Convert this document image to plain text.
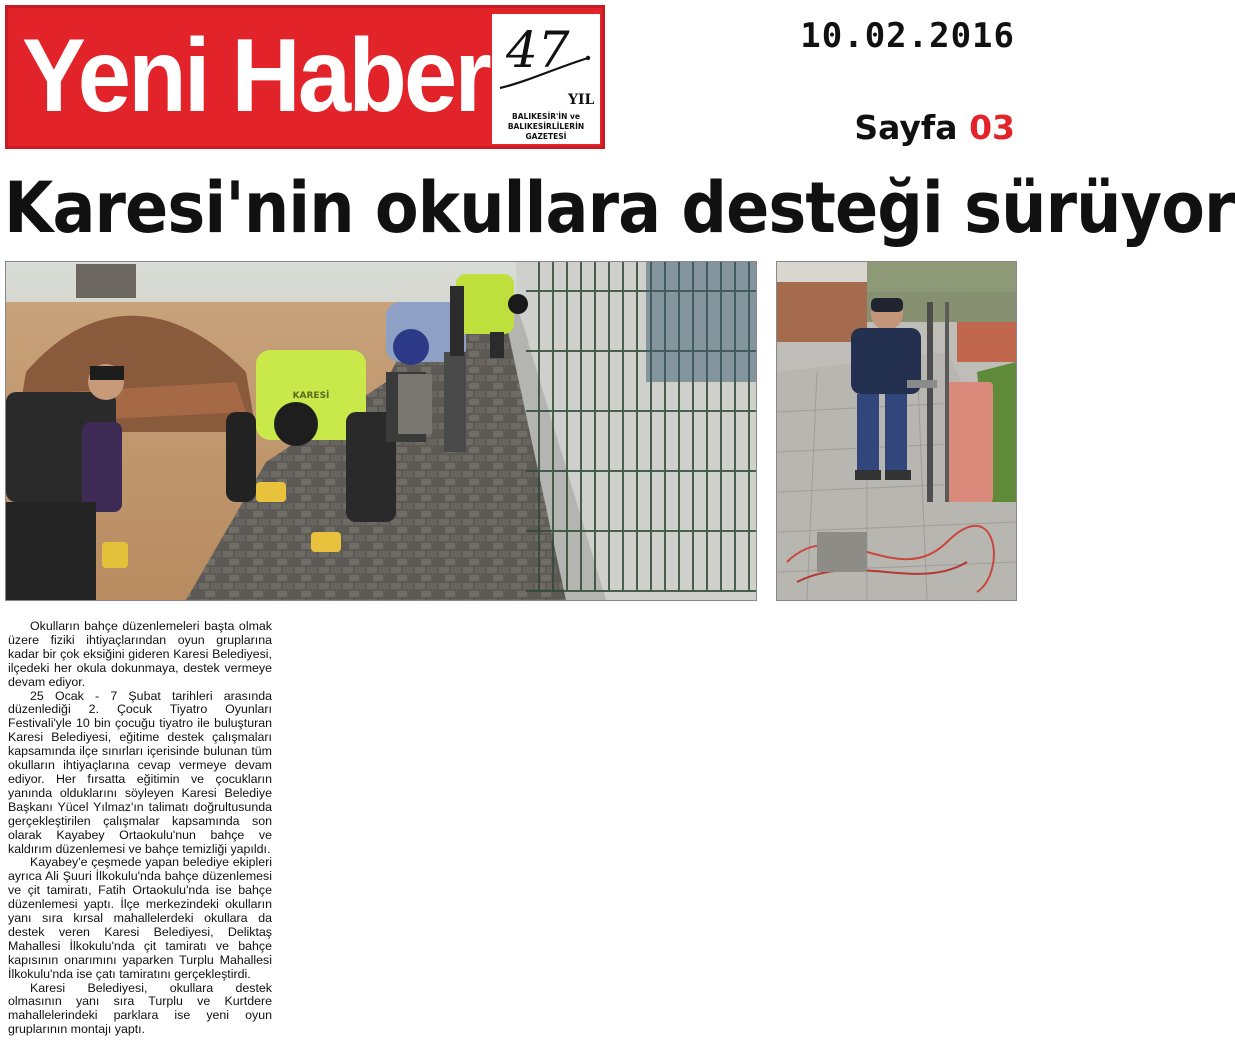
Yeni Haber 47
YIL
BALIKESİR'İN ve
BALIKESİRLİLERİN
GAZETESİ
10.02.2016
Sayfa 03
Karesi'nin okullara desteği sürüyor
KARESİ

Okulların bahçe düzenlemeleri başta olmak üzere fiziki ihtiyaçlarından oyun gruplarına kadar bir çok eksiğini gideren Karesi Belediyesi, ilçedeki her okula dokunmaya, destek vermeye devam ediyor.

25 Ocak - 7 Şubat tarihleri arasında düzenlediği 2. Çocuk Tiyatro Oyunları Festivali'yle 10 bin çocuğu tiyatro ile buluşturan Karesi Belediyesi, eğitime destek çalışmaları kapsamında ilçe sınırları içerisinde bulunan tüm okulların ihtiyaçlarına cevap vermeye devam ediyor. Her fırsatta eğitimin ve çocukların yanında olduklarını söyleyen Karesi Belediye Başkanı Yücel Yılmaz'ın talimatı doğrultusunda gerçekleştirilen çalışmalar kapsamında son olarak Kayabey Ortaokulu'nun bahçe ve kaldırım düzenlemesi ve bahçe temizliği yapıldı.

Kayabey'e çeşmede yapan belediye ekipleri ayrıca Ali Şuuri İlkokulu'nda bahçe düzenlemesi ve çit tamiratı, Fatih Ortaokulu'nda ise bahçe düzenlemesi yaptı. İlçe merkezindeki okulların yanı sıra kırsal mahallelerdeki okullara da destek veren Karesi Belediyesi, Deliktaş Mahallesi İlkokulu'nda çit tamiratı ve bahçe kapısının onarımını yaparken Turplu Mahallesi İlkokulu'nda ise çatı tamiratını gerçekleştirdi.

Karesi Belediyesi, okullara destek olmasının yanı sıra Turplu ve Kurtdere mahallelerindeki parklara ise yeni oyun gruplarının montajı yaptı.
